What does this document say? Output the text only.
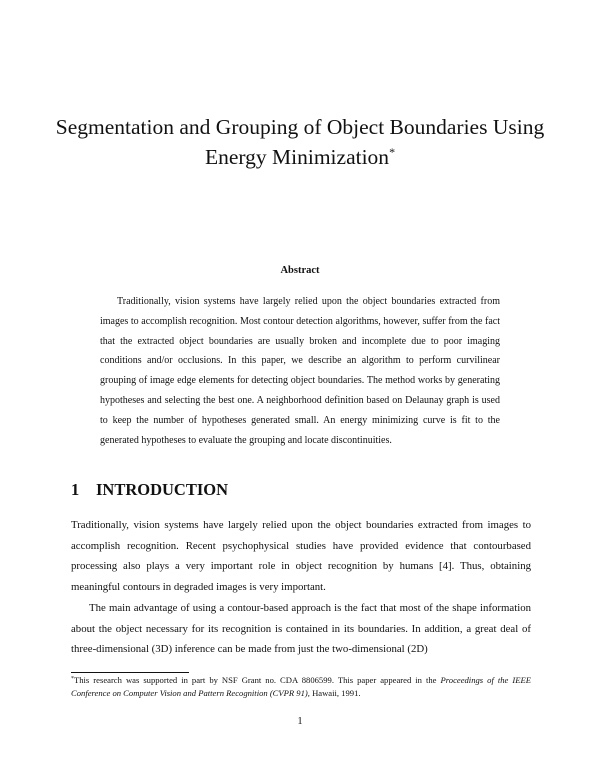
Segmentation and Grouping of Object Boundaries Using Energy Minimization*
Abstract

Traditionally, vision systems have largely relied upon the object boundaries extracted from images to accomplish recognition. Most contour detection algorithms, however, suffer from the fact that the extracted object boundaries are usually broken and incomplete due to poor imaging conditions and/or occlusions. In this paper, we describe an algorithm to perform curvilinear grouping of image edge elements for detecting object boundaries. The method works by generating hypotheses and selecting the best one. A neighborhood definition based on Delaunay graph is used to keep the number of hypotheses generated small. An energy minimizing curve is fit to the generated hypotheses to evaluate the grouping and locate discontinuities.

1 INTRODUCTION

Traditionally, vision systems have largely relied upon the object boundaries extracted from images to accomplish recognition. Recent psychophysical studies have provided evidence that contourbased processing also plays a very important role in object recognition by humans [4]. Thus, obtaining meaningful contours in degraded images is very important.

The main advantage of using a contour-based approach is the fact that most of the shape information about the object necessary for its recognition is contained in its boundaries. In addition, a great deal of three-dimensional (3D) inference can be made from just the two-dimensional (2D)

*This research was supported in part by NSF Grant no. CDA 8806599. This paper appeared in the Proceedings of the IEEE Conference on Computer Vision and Pattern Recognition (CVPR 91), Hawaii, 1991.

1
